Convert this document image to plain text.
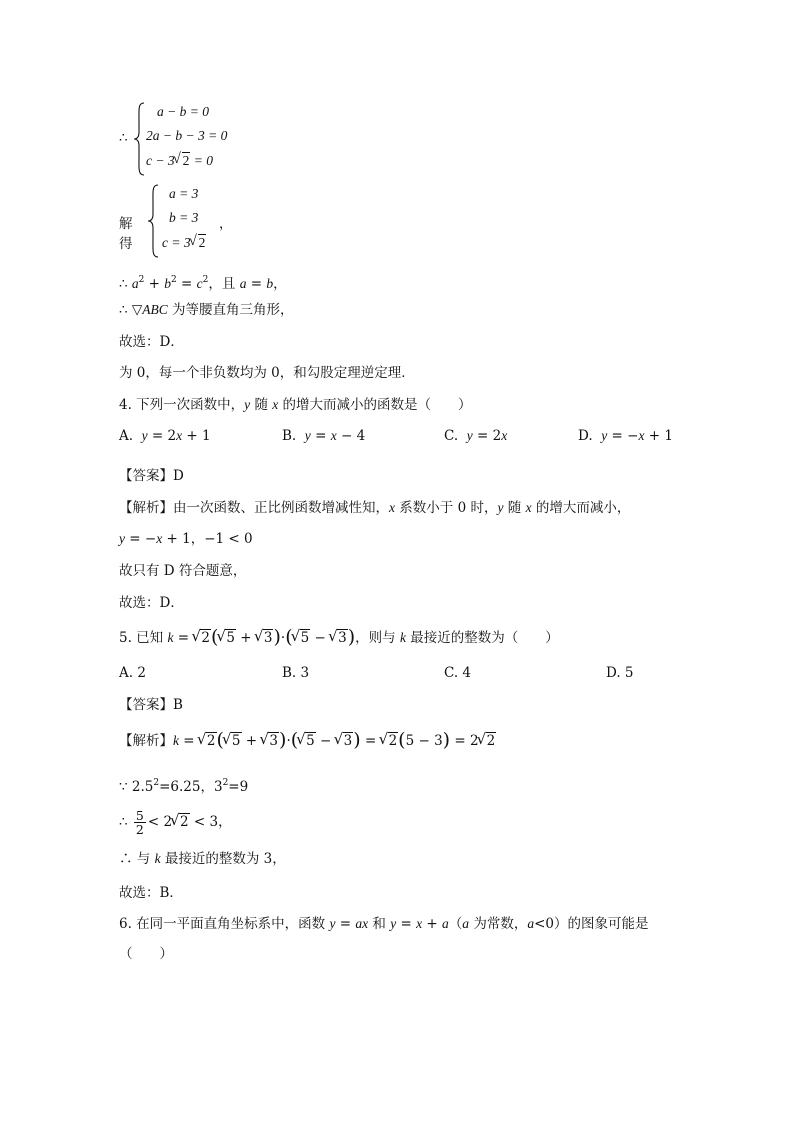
∴
a − b = 0
2a − b − 3 = 0
c − 3√ 2 = 0
解得
a = 3
b = 3
c = 3√ 2
，
∴ $a^2 + b^2 = c^2$，且 a = b，
∴ ▽ABC 为等腰直角三角形，
故选：D．
为 0，每一个非负数均为 0，和勾股定理逆定理．
4. 下列一次函数中，y 随 x 的增大而减小的函数是（　　）
A.  y = 2x + 1	B.  y = x − 4	C.  y = 2x	D.  y = −x + 1
【答案】D
【解析】由一次函数、正比例函数增减性知，x 系数小于 0 时，y 随 x 的增大而减小，
y = −x + 1，−1 < 0
故只有 D 符合题意，
故选：D．
5. 已知 k = √ 2(√ 5 + √ 3)·(√ 5 − √ 3)，则与 k 最接近的整数为（　　）
A. 2	B. 3	C. 4	D. 5
【答案】B
【解析】k = √ 2(√ 5 + √ 3)·(√ 5 − √ 3) = √ 2(5 − 3) = 2√ 2
∵ $2.5^2=6.25$，$3^2=9$
∴ $\frac{5}{2} < 2√$ 2 < 3，
∴ 与 k 最接近的整数为 3，
故选：B．
6. 在同一平面直角坐标系中，函数 y = ax 和 y = x + a（a 为常数，a<0）的图象可能是
（　　）
